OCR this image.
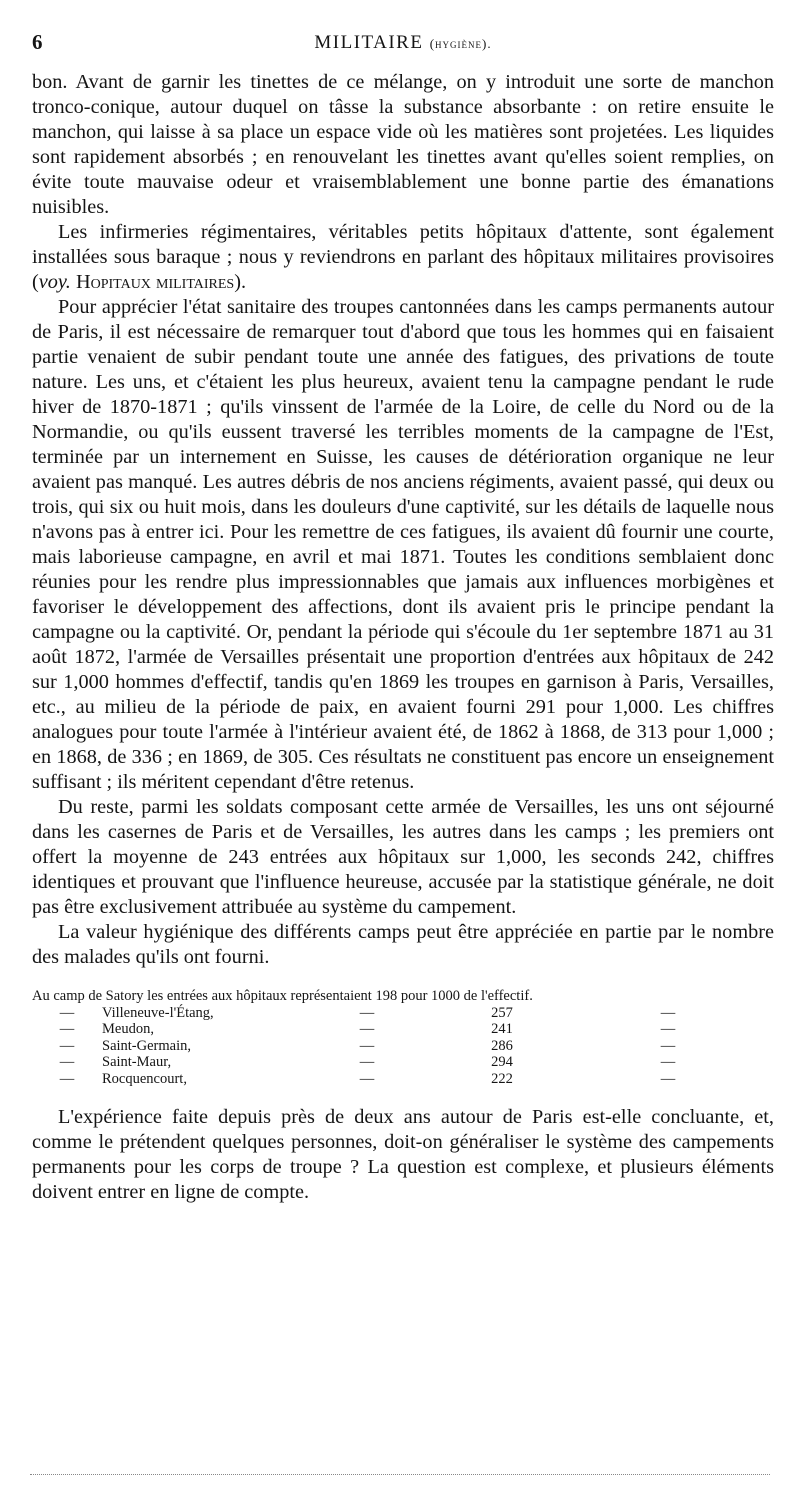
6	MILITAIRE (hygiène).

bon. Avant de garnir les tinettes de ce mélange, on y introduit une sorte de manchon tronco-conique, autour duquel on tâsse la substance absorbante : on retire ensuite le manchon, qui laisse à sa place un espace vide où les matières sont projetées. Les liquides sont rapidement absorbés ; en renouvelant les tinettes avant qu'elles soient remplies, on évite toute mauvaise odeur et vraisemblablement une bonne partie des émanations nuisibles.

Les infirmeries régimentaires, véritables petits hôpitaux d'attente, sont également installées sous baraque ; nous y reviendrons en parlant des hôpitaux militaires provisoires (voy. Hopitaux militaires).

Pour apprécier l'état sanitaire des troupes cantonnées dans les camps permanents autour de Paris, il est nécessaire de remarquer tout d'abord que tous les hommes qui en faisaient partie venaient de subir pendant toute une année des fatigues, des privations de toute nature. Les uns, et c'étaient les plus heureux, avaient tenu la campagne pendant le rude hiver de 1870-1871 ; qu'ils vinssent de l'armée de la Loire, de celle du Nord ou de la Normandie, ou qu'ils eussent traversé les terribles moments de la campagne de l'Est, terminée par un internement en Suisse, les causes de détérioration organique ne leur avaient pas manqué. Les autres débris de nos anciens régiments, avaient passé, qui deux ou trois, qui six ou huit mois, dans les douleurs d'une captivité, sur les détails de laquelle nous n'avons pas à entrer ici. Pour les remettre de ces fatigues, ils avaient dû fournir une courte, mais laborieuse campagne, en avril et mai 1871. Toutes les conditions semblaient donc réunies pour les rendre plus impressionnables que jamais aux influences morbigènes et favoriser le développement des affections, dont ils avaient pris le principe pendant la campagne ou la captivité. Or, pendant la période qui s'écoule du 1er septembre 1871 au 31 août 1872, l'armée de Versailles présentait une proportion d'entrées aux hôpitaux de 242 sur 1,000 hommes d'effectif, tandis qu'en 1869 les troupes en garnison à Paris, Versailles, etc., au milieu de la période de paix, en avaient fourni 291 pour 1,000. Les chiffres analogues pour toute l'armée à l'intérieur avaient été, de 1862 à 1868, de 313 pour 1,000 ; en 1868, de 336 ; en 1869, de 305. Ces résultats ne constituent pas encore un enseignement suffisant ; ils méritent cependant d'être retenus.

Du reste, parmi les soldats composant cette armée de Versailles, les uns ont séjourné dans les casernes de Paris et de Versailles, les autres dans les camps ; les premiers ont offert la moyenne de 243 entrées aux hôpitaux sur 1,000, les seconds 242, chiffres identiques et prouvant que l'influence heureuse, accusée par la statistique générale, ne doit pas être exclusivement attribuée au système du campement.

La valeur hygiénique des différents camps peut être appréciée en partie par le nombre des malades qu'ils ont fourni.

Au camp de Satory les entrées aux hôpitaux représentaient 198 pour 1000 de l'effectif.				
—	Villeneuve-l'Étang,	—	257	—
—	Meudon,	—	241	—
—	Saint-Germain,	—	286	—
—	Saint-Maur,	—	294	—
—	Rocquencourt,	—	222	—

L'expérience faite depuis près de deux ans autour de Paris est-elle concluante, et, comme le prétendent quelques personnes, doit-on généraliser le système des campements permanents pour les corps de troupe ? La question est complexe, et plusieurs éléments doivent entrer en ligne de compte.
